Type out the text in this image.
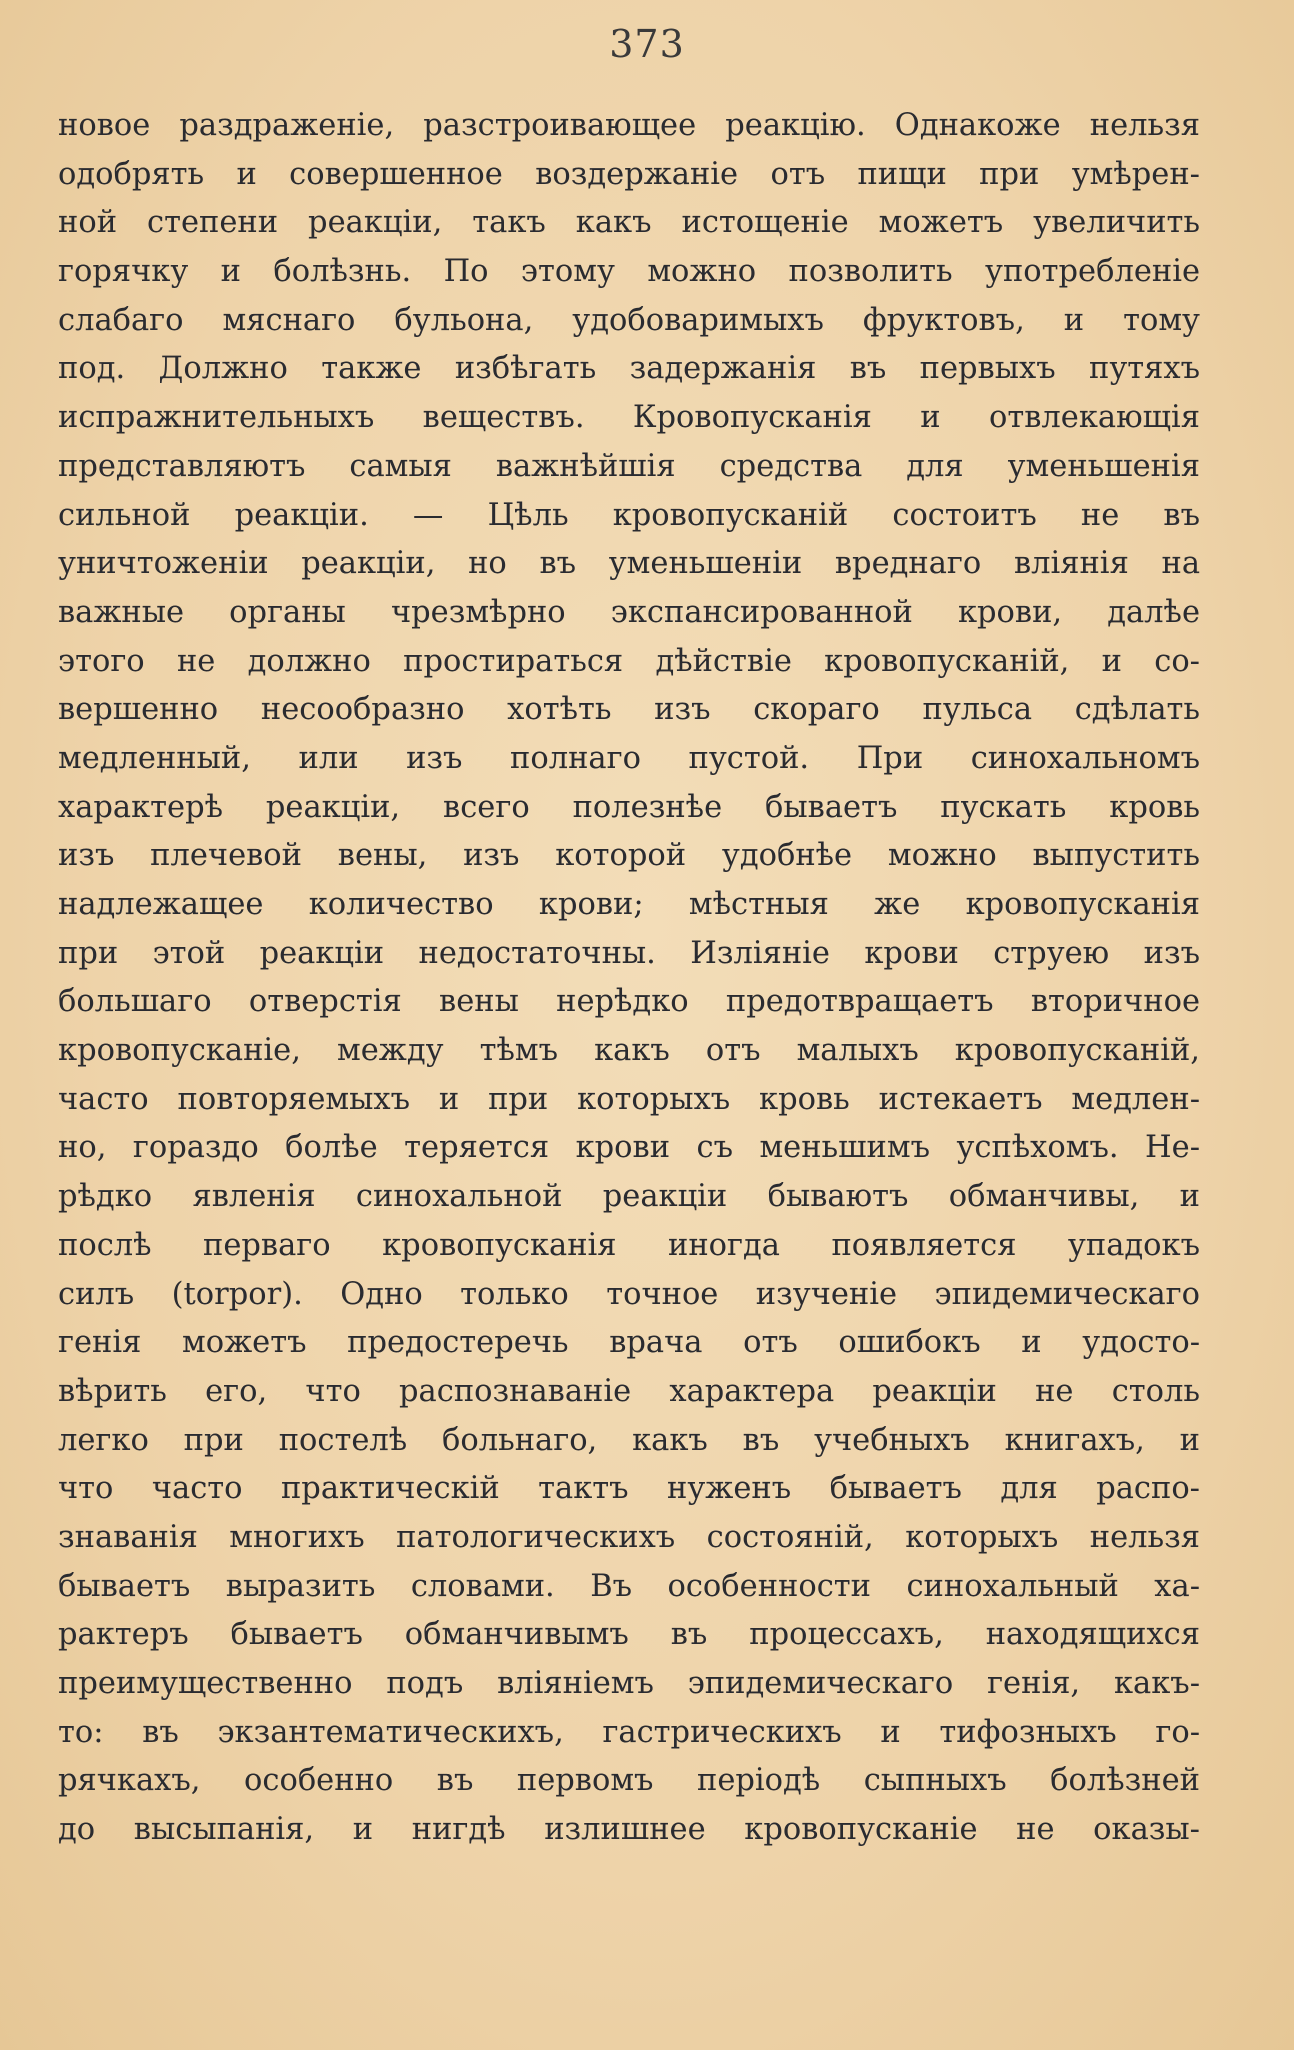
373
новое раздраженіе, разстроивающее реакцію. Однакоже нельзя
одобрять и совершенное воздержаніе отъ пищи при умѣрен-
ной степени реакціи, такъ какъ истощеніе можетъ увеличить
горячку и болѣзнь. По этому можно позволить употребленіе
слабаго мяснаго бульона, удобоваримыхъ фруктовъ, и тому
под. Должно также избѣгать задержанія въ первыхъ путяхъ
испражнительныхъ веществъ. Кровопусканія и отвлекающія
представляютъ самыя важнѣйшія средства для уменьшенія
сильной реакціи. — Цѣль кровопусканій состоитъ не въ
уничтоженіи реакціи, но въ уменьшеніи вреднаго вліянія на
важные органы чрезмѣрно экспансированной крови, далѣе
этого не должно простираться дѣйствіе кровопусканій, и со-
вершенно несообразно хотѣть изъ скораго пульса сдѣлать
медленный, или изъ полнаго пустой. При синохальномъ
характерѣ реакціи, всего полезнѣе бываетъ пускать кровь
изъ плечевой вены, изъ которой удобнѣе можно выпустить
надлежащее количество крови; мѣстныя же кровопусканія
при этой реакціи недостаточны. Изліяніе крови струею изъ
большаго отверстія вены нерѣдко предотвращаетъ вторичное
кровопусканіе, между тѣмъ какъ отъ малыхъ кровопусканій,
часто повторяемыхъ и при которыхъ кровь истекаетъ медлен-
но, гораздо болѣе теряется крови съ меньшимъ успѣхомъ. Не-
рѣдко явленія синохальной реакціи бываютъ обманчивы, и
послѣ перваго кровопусканія иногда появляется упадокъ
силъ (torpor). Одно только точное изученіе эпидемическаго
генія можетъ предостеречь врача отъ ошибокъ и удосто-
вѣрить его, что распознаваніе характера реакціи не столь
легко при постелѣ больнаго, какъ въ учебныхъ книгахъ, и
что часто практическій тактъ нуженъ бываетъ для распо-
знаванія многихъ патологическихъ состояній, которыхъ нельзя
бываетъ выразить словами. Въ особенности синохальный ха-
рактеръ бываетъ обманчивымъ въ процессахъ, находящихся
преимущественно подъ вліяніемъ эпидемическаго генія, какъ-
то: въ экзантематическихъ, гастрическихъ и тифозныхъ го-
рячкахъ, особенно въ первомъ періодѣ сыпныхъ болѣзней
до высыпанія, и нигдѣ излишнее кровопусканіе не оказы-
